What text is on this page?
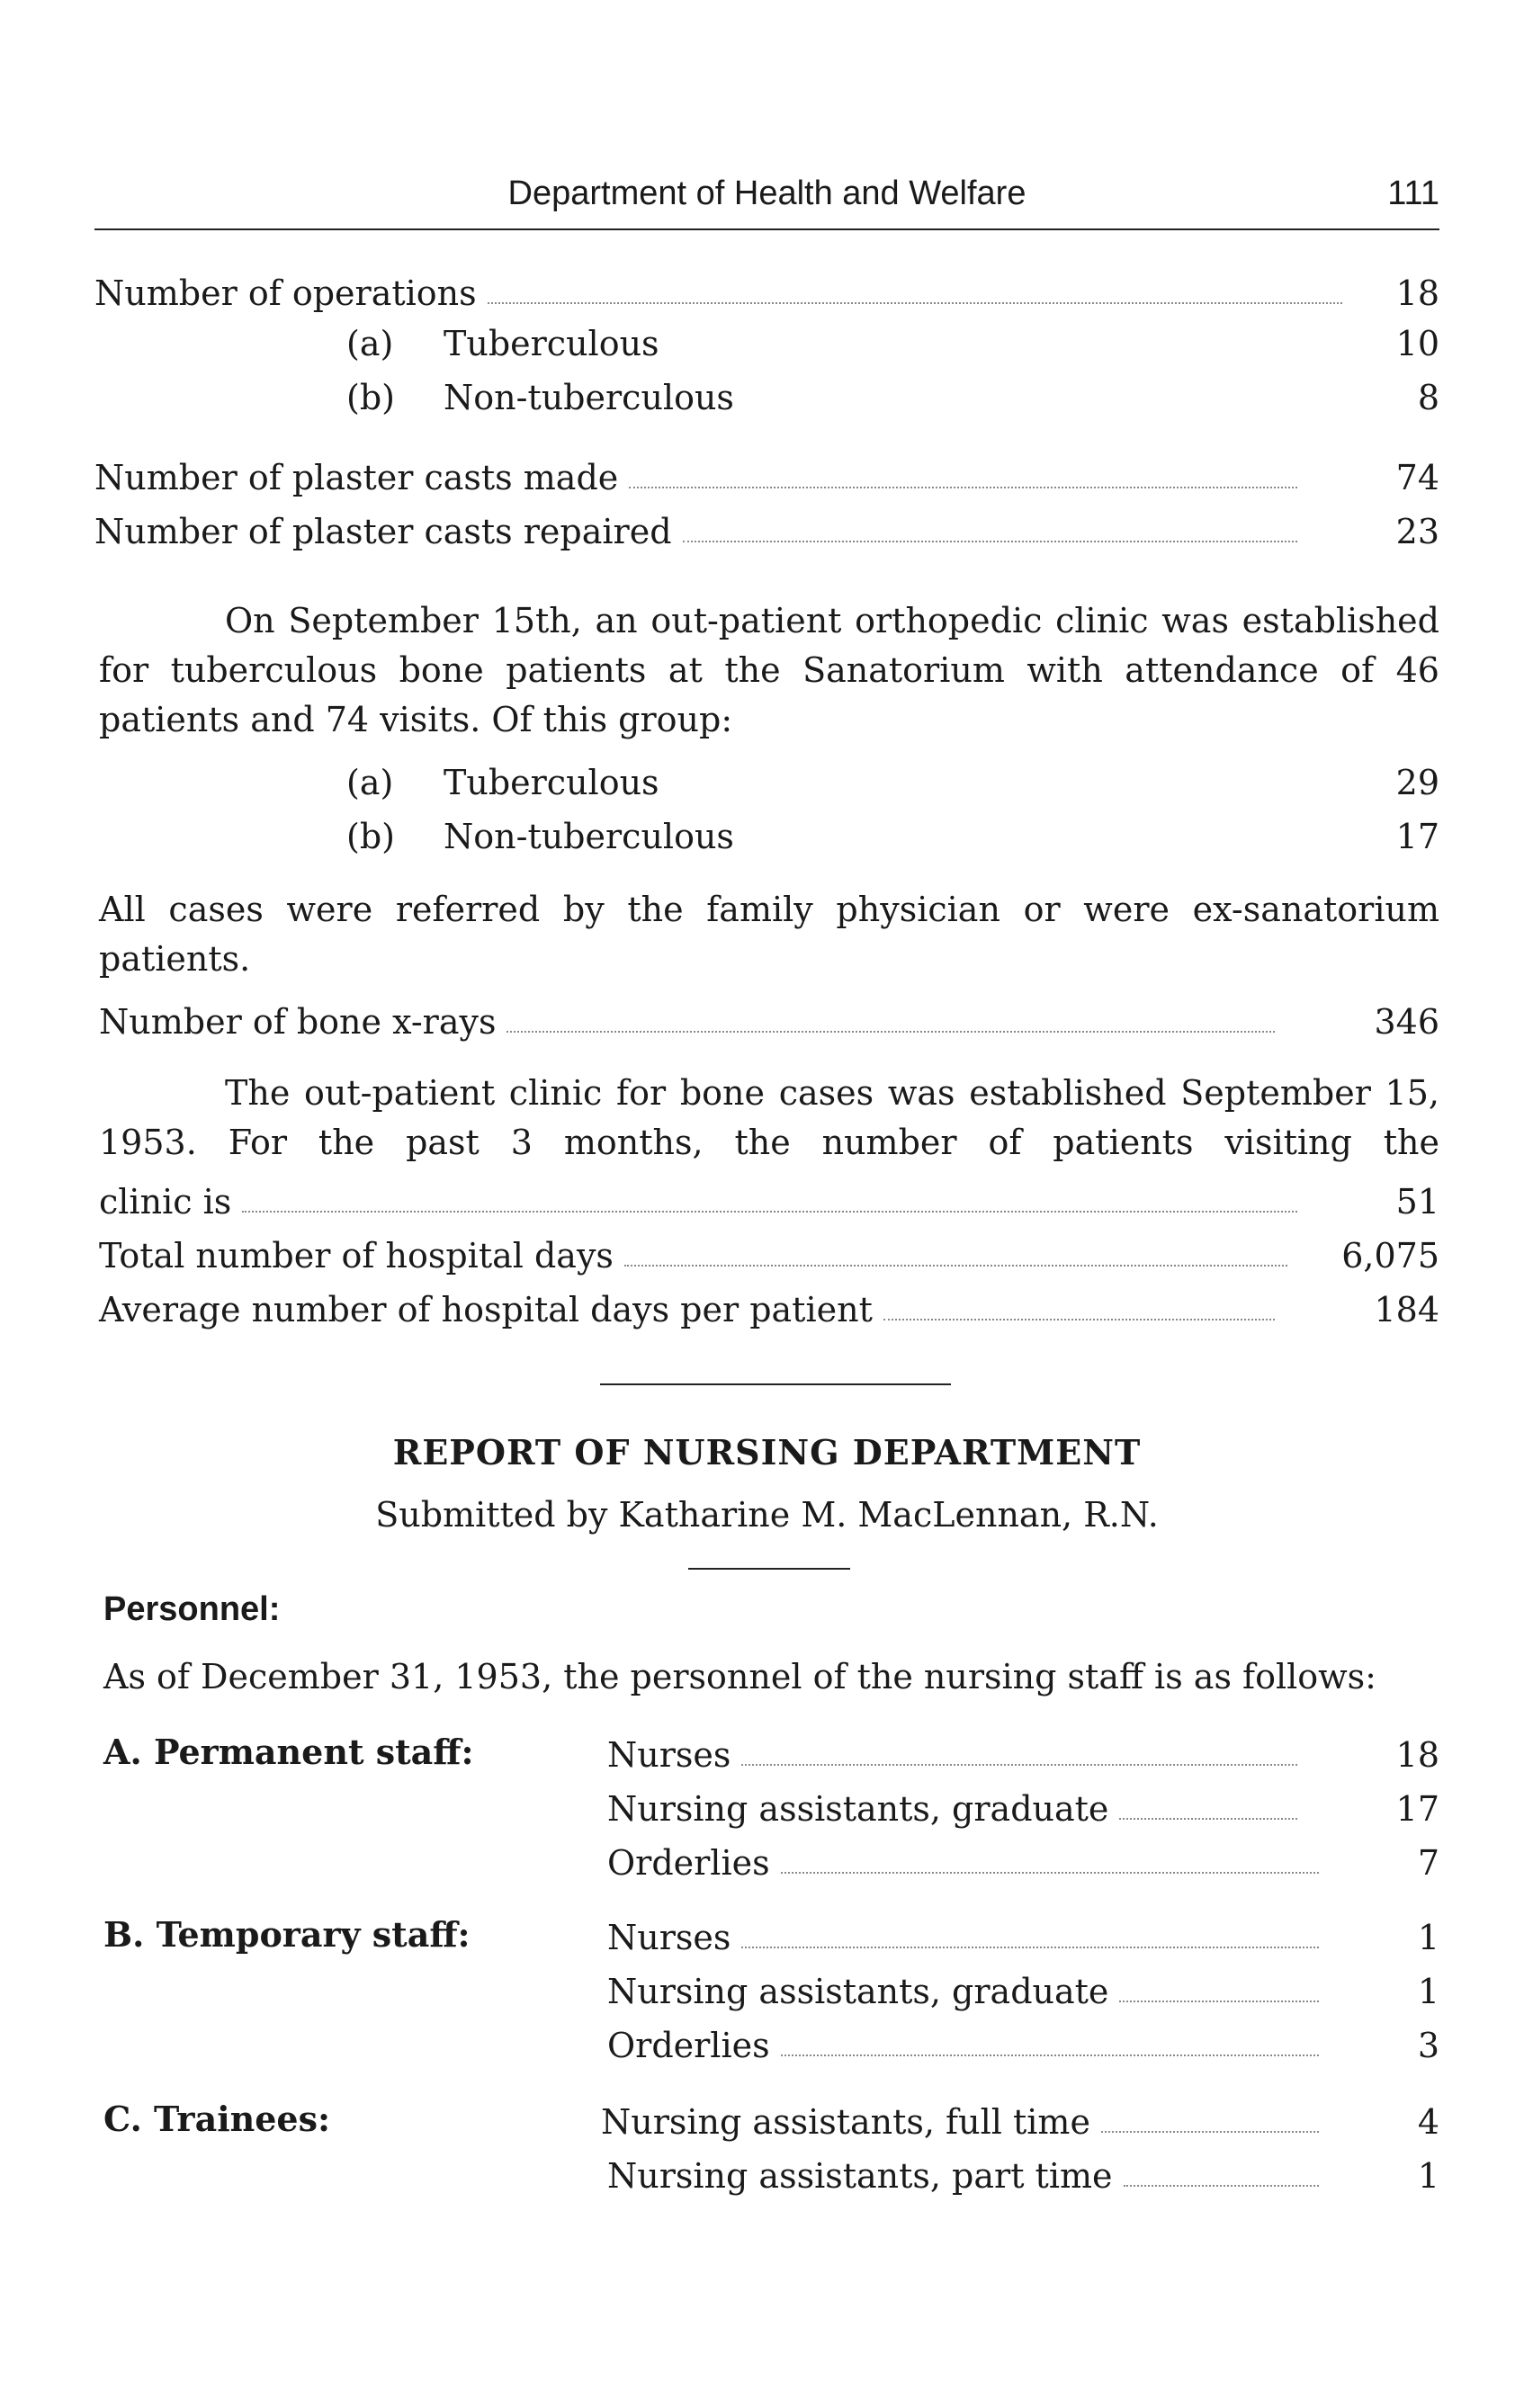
Department of Health and Welfare	111
Number of operations	18
(a) Tuberculous	10
(b) Non-tuberculous	8
Number of plaster casts made	74
Number of plaster casts repaired	23
On September 15th, an out-patient orthopedic clinic was established for tuberculous bone patients at the Sanatorium with attendance of 46 patients and 74 visits. Of this group:
(a) Tuberculous	29
(b) Non-tuberculous	17
All cases were referred by the family physician or were ex-sanatorium patients.
Number of bone x-rays	346
The out-patient clinic for bone cases was established September 15, 1953. For the past 3 months, the number of patients visiting the
clinic is	51
Total number of hospital days	6,075
Average number of hospital days per patient	184
REPORT OF NURSING DEPARTMENT
Submitted by Katharine M. MacLennan, R.N.
Personnel:
As of December 31, 1953, the personnel of the nursing staff is as follows:
A. Permanent staff:	Nurses	18
Nursing assistants, graduate	17
Orderlies	7
B. Temporary staff:	Nurses	1
Nursing assistants, graduate	1
Orderlies	3
C. Trainees:	Nursing assistants, full time	4
Nursing assistants, part time	1
